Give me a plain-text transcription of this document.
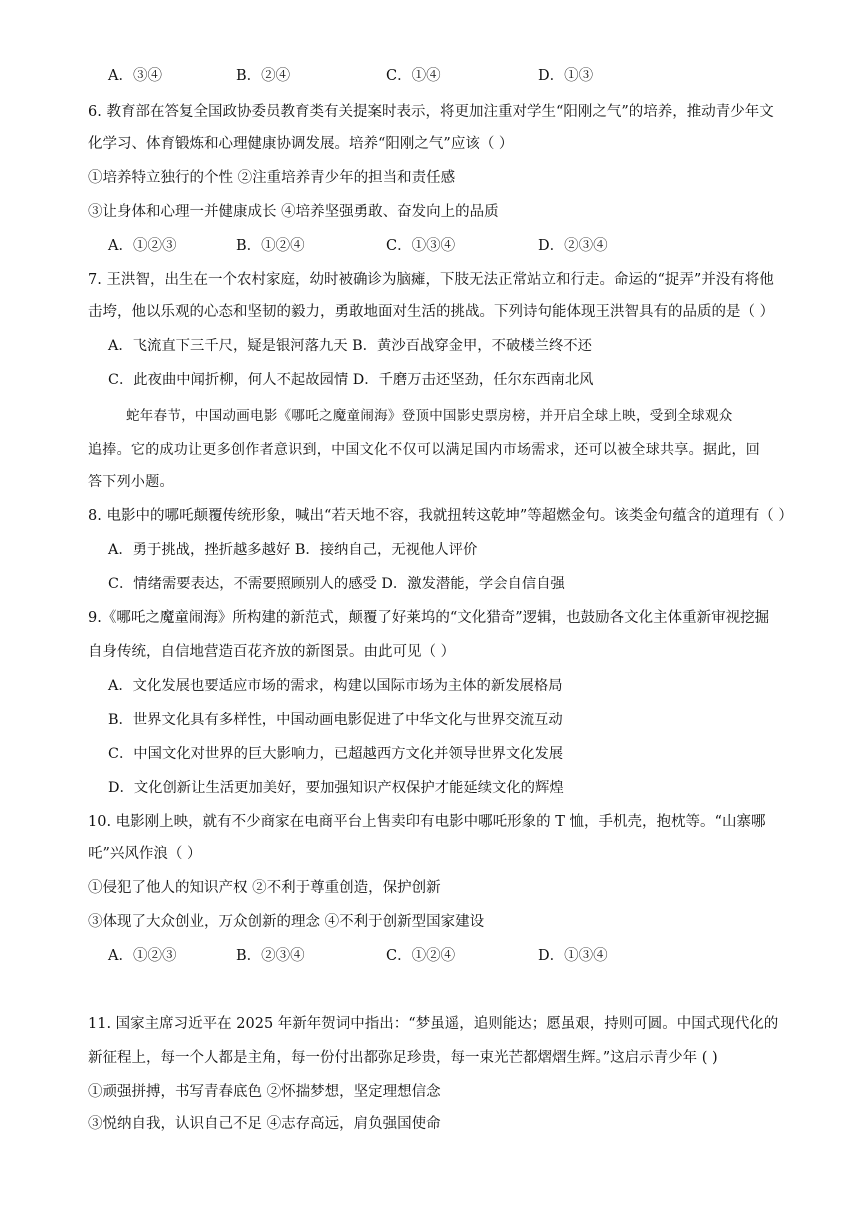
A．③④	B．②④	C．①④	D．①③
6. 教育部在答复全国政协委员教育类有关提案时表示，将更加注重对学生“阳刚之气”的培养，推动青少年文
化学习、体育锻炼和心理健康协调发展。培养“阳刚之气”应该（ ）
①培养特立独行的个性 ②注重培养青少年的担当和责任感
③让身体和心理一并健康成长 ④培养坚强勇敢、奋发向上的品质
A．①②③	B．①②④	C．①③④	D．②③④
7. 王洪智，出生在一个农村家庭，幼时被确诊为脑瘫，下肢无法正常站立和行走。命运的“捉弄”并没有将他
击垮，他以乐观的心态和坚韧的毅力，勇敢地面对生活的挑战。下列诗句能体现王洪智具有的品质的是（ ）
A．飞流直下三千尺，疑是银河落九天 B．黄沙百战穿金甲，不破楼兰终不还
C．此夜曲中闻折柳，何人不起故园情 D．千磨万击还坚劲，任尔东西南北风
蛇年春节，中国动画电影《哪吒之魔童闹海》登顶中国影史票房榜，并开启全球上映，受到全球观众
追捧。它的成功让更多创作者意识到，中国文化不仅可以满足国内市场需求，还可以被全球共享。据此，回
答下列小题。
8. 电影中的哪吒颠覆传统形象，喊出“若天地不容，我就扭转这乾坤”等超燃金句。该类金句蕴含的道理有（ ）
A．勇于挑战，挫折越多越好 B．接纳自己，无视他人评价
C．情绪需要表达，不需要照顾别人的感受 D．激发潜能，学会自信自强
9.《哪吒之魔童闹海》所构建的新范式，颠覆了好莱坞的“文化猎奇”逻辑，也鼓励各文化主体重新审视挖掘
自身传统，自信地营造百花齐放的新图景。由此可见（ ）
A．文化发展也要适应市场的需求，构建以国际市场为主体的新发展格局
B．世界文化具有多样性，中国动画电影促进了中华文化与世界交流互动
C．中国文化对世界的巨大影响力，已超越西方文化并领导世界文化发展
D．文化创新让生活更加美好，要加强知识产权保护才能延续文化的辉煌
10. 电影刚上映，就有不少商家在电商平台上售卖印有电影中哪吒形象的 T 恤，手机壳，抱枕等。“山寨哪
吒”兴风作浪（ ）
①侵犯了他人的知识产权 ②不利于尊重创造，保护创新
③体现了大众创业，万众创新的理念 ④不利于创新型国家建设
A．①②③	B．②③④	C．①②④	D．①③④
11. 国家主席习近平在 2025 年新年贺词中指出：“梦虽遥，追则能达；愿虽艰，持则可圆。中国式现代化的
新征程上，每一个人都是主角，每一份付出都弥足珍贵，每一束光芒都熠熠生辉。”这启示青少年 ( )
①顽强拼搏，书写青春底色 ②怀揣梦想，坚定理想信念
③悦纳自我，认识自己不足 ④志存高远，肩负强国使命
